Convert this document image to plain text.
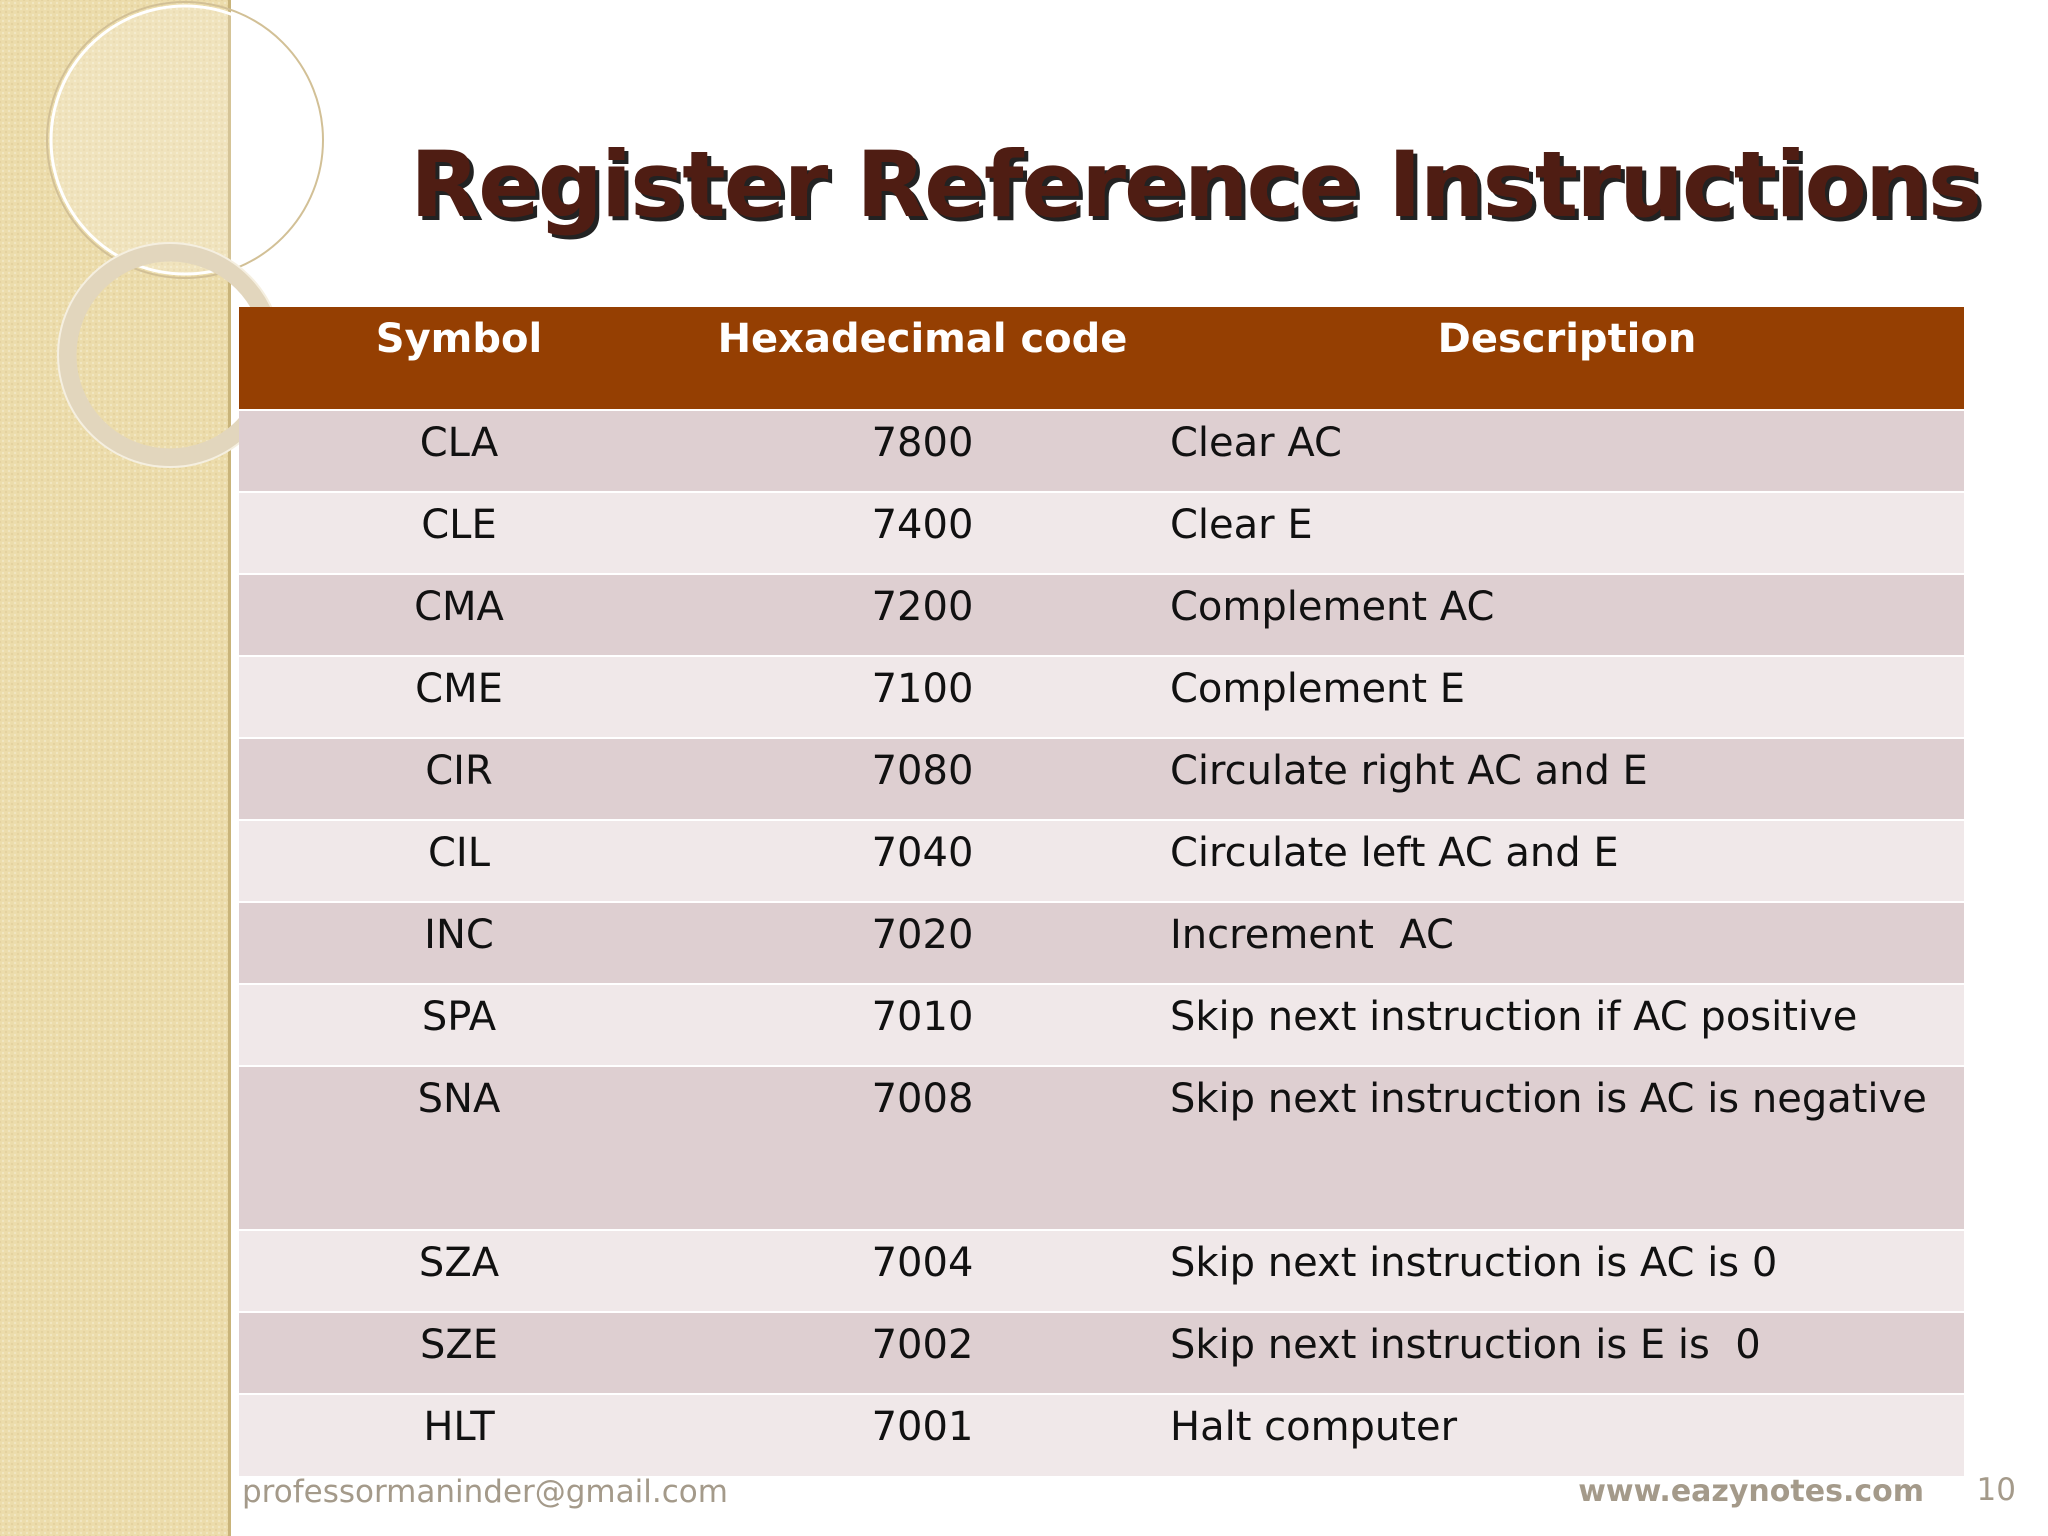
Register Reference Instructions
Symbol	Hexadecimal code	Description
CLA	7800	Clear AC
CLE	7400	Clear E
CMA	7200	Complement AC
CME	7100	Complement E
CIR	7080	Circulate right AC and E
CIL	7040	Circulate left AC and E
INC	7020	Increment  AC
SPA	7010	Skip next instruction if AC positive
SNA	7008	Skip next instruction is AC is negative
SZA	7004	Skip next instruction is AC is 0
SZE	7002	Skip next instruction is E is  0
HLT	7001	Halt computer
professormaninder@gmail.com	www.eazynotes.com 10
